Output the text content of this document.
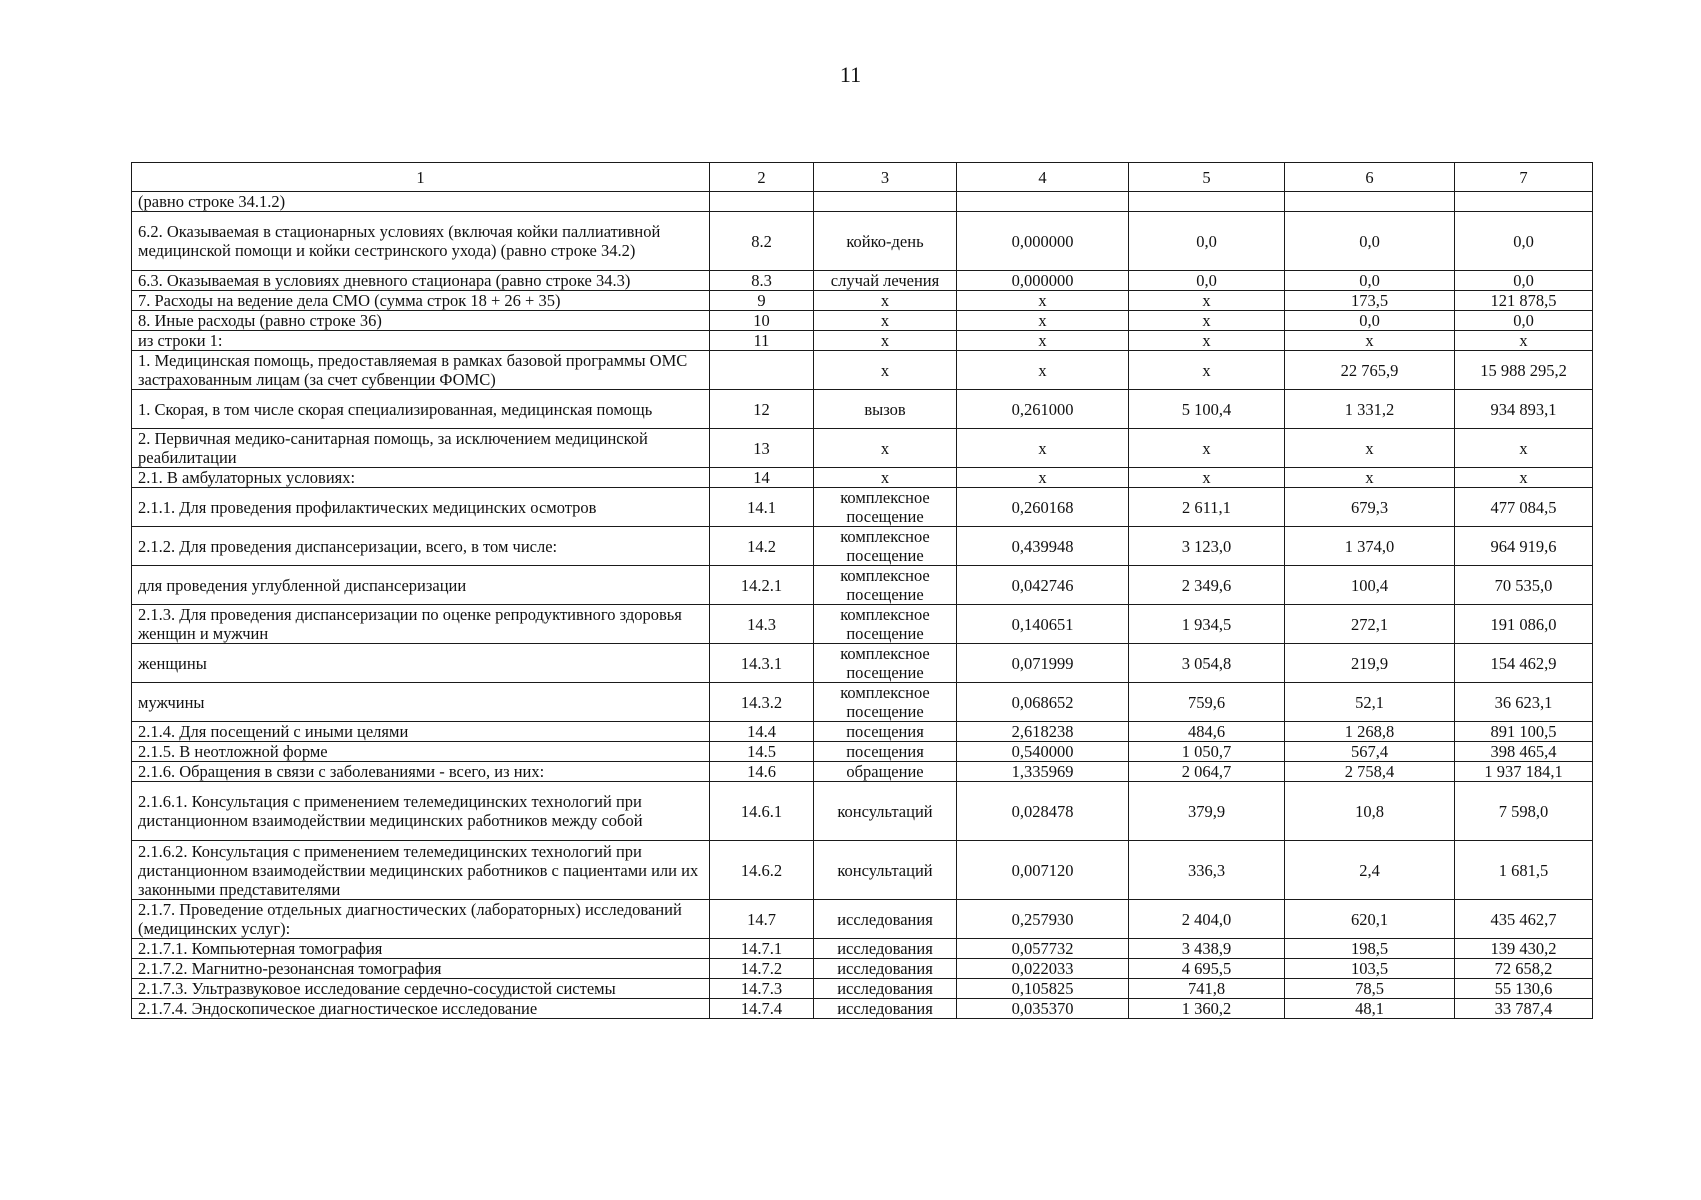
11
1	2	3	4	5	6	7
(равно строке 34.1.2)						
6.2. Оказываемая в стационарных условиях (включая койки паллиативной медицинской помощи и койки сестринского ухода) (равно строке 34.2)	8.2	койко-день	0,000000	0,0	0,0	0,0
6.3. Оказываемая в условиях дневного стационара (равно строке 34.3)	8.3	случай лечения	0,000000	0,0	0,0	0,0
7. Расходы на ведение дела СМО (сумма строк 18 + 26 + 35)	9	х	х	х	173,5	121 878,5
8. Иные расходы (равно строке 36)	10	х	х	х	0,0	0,0
из строки 1:	11	х	х	х	х	х
1. Медицинская помощь, предоставляемая в рамках базовой программы ОМС застрахованным лицам (за счет субвенции ФОМС)		х	х	х	22 765,9	15 988 295,2
1. Скорая, в том числе скорая специализированная, медицинская помощь	12	вызов	0,261000	5 100,4	1 331,2	934 893,1
2. Первичная медико-санитарная помощь, за исключением медицинской реабилитации	13	х	х	х	х	х
2.1. В амбулаторных условиях:	14	х	х	х	х	х
2.1.1. Для проведения профилактических медицинских осмотров	14.1	комплексное посещение	0,260168	2 611,1	679,3	477 084,5
2.1.2. Для проведения диспансеризации, всего, в том числе:	14.2	комплексное посещение	0,439948	3 123,0	1 374,0	964 919,6
для проведения углубленной диспансеризации	14.2.1	комплексное посещение	0,042746	2 349,6	100,4	70 535,0
2.1.3. Для проведения диспансеризации по оценке репродуктивного здоровья женщин и мужчин	14.3	комплексное посещение	0,140651	1 934,5	272,1	191 086,0
женщины	14.3.1	комплексное посещение	0,071999	3 054,8	219,9	154 462,9
мужчины	14.3.2	комплексное посещение	0,068652	759,6	52,1	36 623,1
2.1.4. Для посещений с иными целями	14.4	посещения	2,618238	484,6	1 268,8	891 100,5
2.1.5. В неотложной форме	14.5	посещения	0,540000	1 050,7	567,4	398 465,4
2.1.6. Обращения в связи с заболеваниями - всего, из них:	14.6	обращение	1,335969	2 064,7	2 758,4	1 937 184,1
2.1.6.1. Консультация с применением телемедицинских технологий при дистанционном взаимодействии медицинских работников между собой	14.6.1	консультаций	0,028478	379,9	10,8	7 598,0
2.1.6.2. Консультация с применением телемедицинских технологий при дистанционном взаимодействии медицинских работников с пациентами или их законными представителями	14.6.2	консультаций	0,007120	336,3	2,4	1 681,5
2.1.7. Проведение отдельных диагностических (лабораторных) исследований (медицинских услуг):	14.7	исследования	0,257930	2 404,0	620,1	435 462,7
2.1.7.1. Компьютерная томография	14.7.1	исследования	0,057732	3 438,9	198,5	139 430,2
2.1.7.2. Магнитно-резонансная томография	14.7.2	исследования	0,022033	4 695,5	103,5	72 658,2
2.1.7.3. Ультразвуковое исследование сердечно-сосудистой системы	14.7.3	исследования	0,105825	741,8	78,5	55 130,6
2.1.7.4. Эндоскопическое диагностическое исследование	14.7.4	исследования	0,035370	1 360,2	48,1	33 787,4
